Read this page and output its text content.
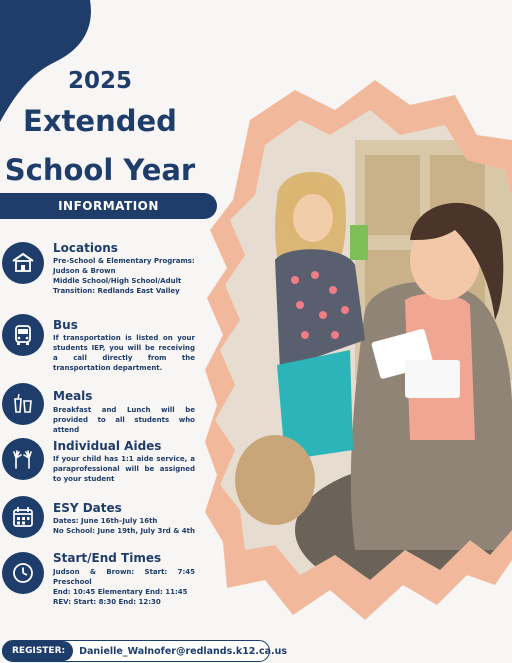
2025
Extended
School Year
INFORMATION
Locations
Pre-School & Elementary Programs:
Judson & Brown
Middle School/High School/Adult
Transition: Redlands East Valley
Bus
If transportation is listed on your students IEP, you will be receiving a call directly from the transportation department.
Meals
Breakfast and Lunch will be provided to all students who attend
Individual Aides
If your child has 1:1 aide service, a paraprofessional will be assigned to your student
ESY Dates
Dates: June 16th–July 16th
No School: June 19th, July 3rd & 4th
Start/End Times
Judson & Brown: Start: 7:45 Preschool
End: 10:45 Elementary End: 11:45
REV: Start: 8:30 End: 12:30
REGISTER:	Danielle_Walnofer@redlands.k12.ca.us
